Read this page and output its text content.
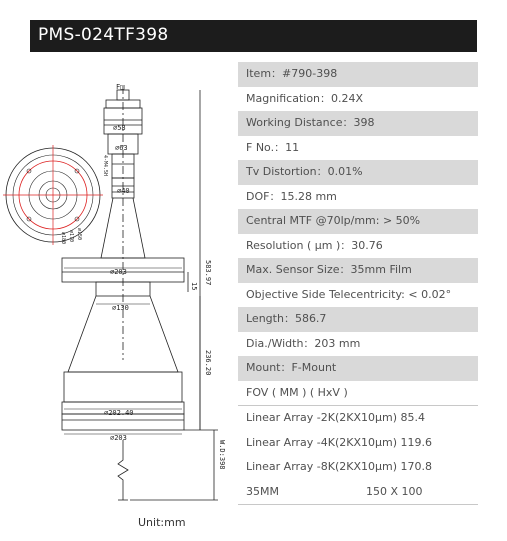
PMS-024TF398
F□
∅58
∅63
∅40
∅203
∅130
∅202.40
∅203
583.97
15
236.20
W.D:398
4-M4.5H
∅150
∅170
∅180
Unit:mm
Item：#790-398
Magnification：0.24X
Working Distance：398
F No.：11
Tv Distortion：0.01%
DOF：15.28 mm
Central MTF @70lp/mm: > 50%
Resolution ( μm )：30.76
Max. Sensor Size：35mm Film
Objective Side Telecentricity: < 0.02°
Length：586.7
Dia./Width：203 mm
Mount：F-Mount
FOV ( MM ) ( HxV )
Linear Array -2K(2KX10μm) 85.4
Linear Array -4K(2KX10μm) 119.6
Linear Array -8K(2KX10μm) 170.8
35MM	150 X 100
